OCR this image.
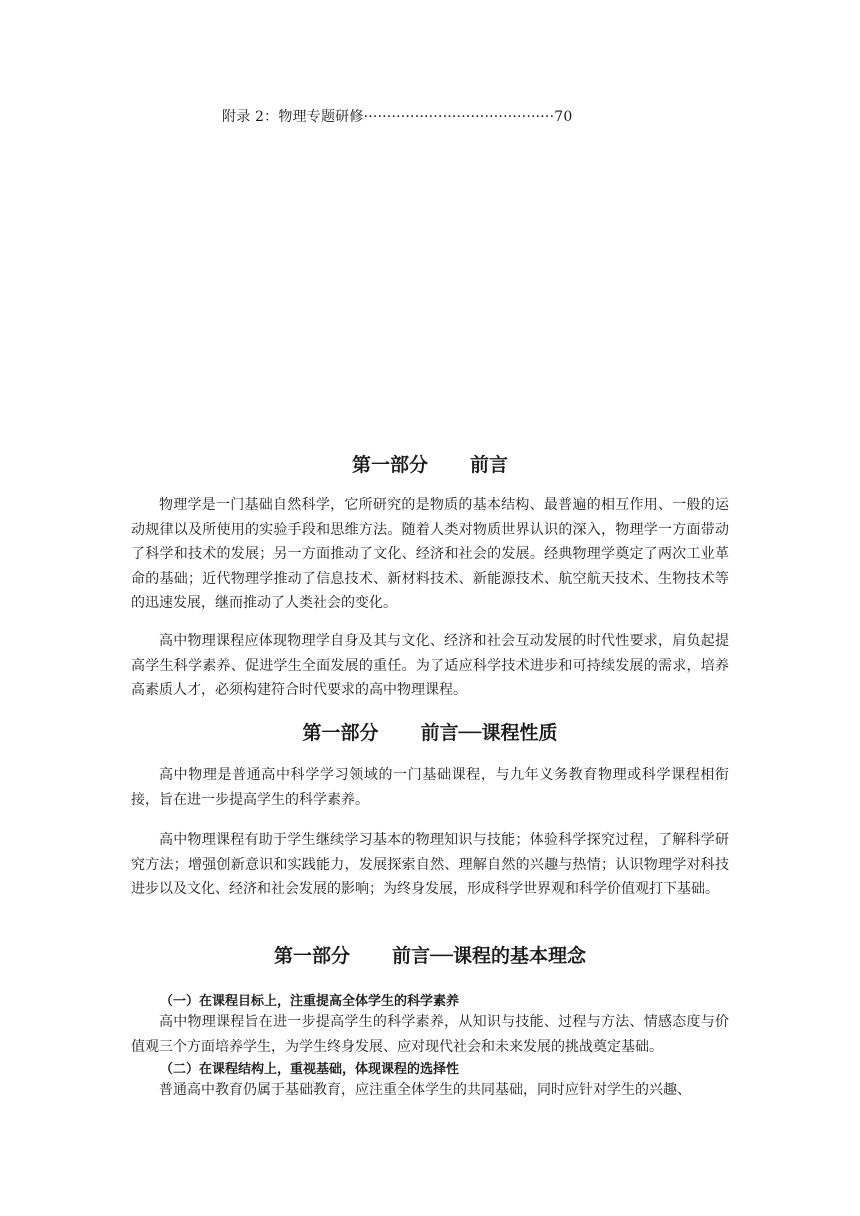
附录 2：物理专题研修·········································70
第一部分 前言

物理学是一门基础自然科学，它所研究的是物质的基本结构、最普遍的相互作用、一般的运动规律以及所使用的实验手段和思维方法。随着人类对物质世界认识的深入，物理学一方面带动了科学和技术的发展；另一方面推动了文化、经济和社会的发展。经典物理学奠定了两次工业革命的基础；近代物理学推动了信息技术、新材料技术、新能源技术、航空航天技术、生物技术等的迅速发展，继而推动了人类社会的变化。

高中物理课程应体现物理学自身及其与文化、经济和社会互动发展的时代性要求，肩负起提高学生科学素养、促进学生全面发展的重任。为了适应科学技术进步和可持续发展的需求，培养高素质人才，必须构建符合时代要求的高中物理课程。

第一部分 前言──课程性质

高中物理是普通高中科学学习领域的一门基础课程，与九年义务教育物理或科学课程相衔接，旨在进一步提高学生的科学素养。

高中物理课程有助于学生继续学习基本的物理知识与技能；体验科学探究过程，了解科学研究方法；增强创新意识和实践能力，发展探索自然、理解自然的兴趣与热情；认识物理学对科技进步以及文化、经济和社会发展的影响；为终身发展，形成科学世界观和科学价值观打下基础。

第一部分 前言──课程的基本理念
（一）在课程目标上，注重提高全体学生的科学素养

高中物理课程旨在进一步提高学生的科学素养，从知识与技能、过程与方法、情感态度与价值观三个方面培养学生，为学生终身发展、应对现代社会和未来发展的挑战奠定基础。

（二）在课程结构上，重视基础，体现课程的选择性

普通高中教育仍属于基础教育，应注重全体学生的共同基础，同时应针对学生的兴趣、
